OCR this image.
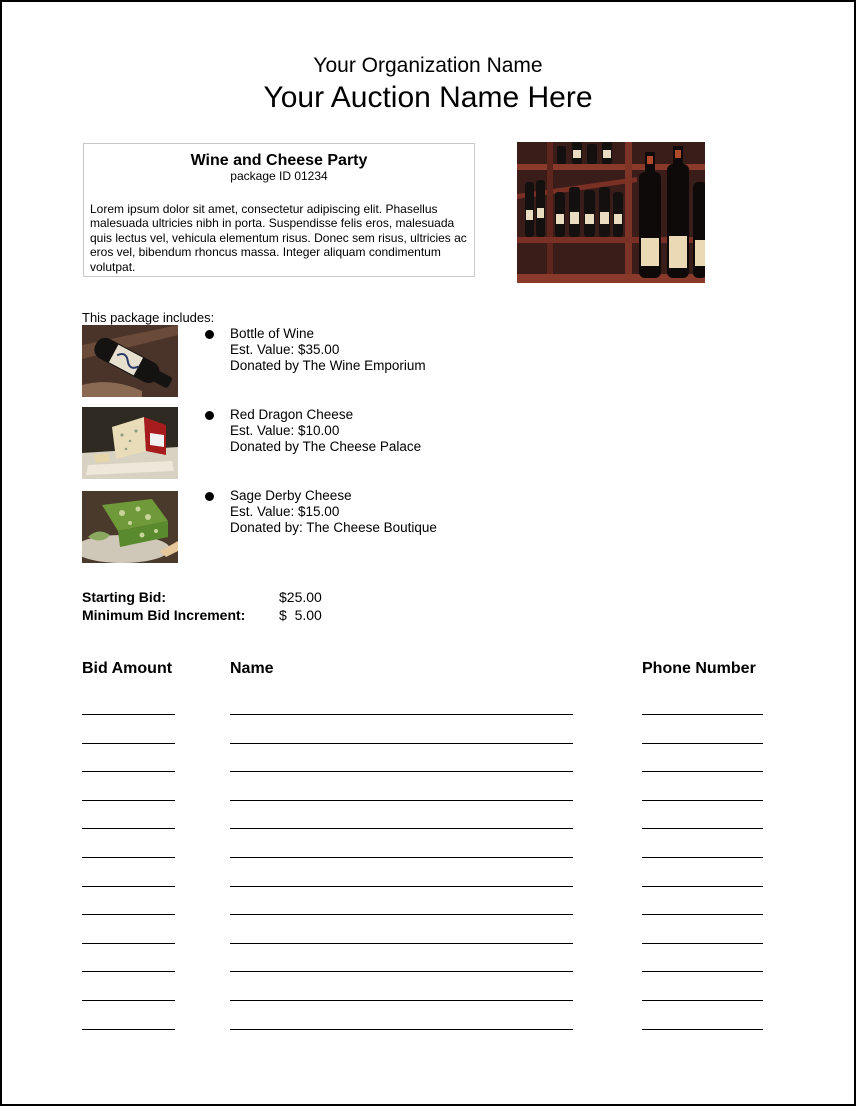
Your Organization Name
Your Auction Name Here
Wine and Cheese Party
package ID 01234
Lorem ipsum dolor sit amet, consectetur adipiscing elit. Phasellus malesuada ultricies nibh in porta. Suspendisse felis eros, malesuada quis lectus vel, vehicula elementum risus. Donec sem risus, ultricies ac eros vel, bibendum rhoncus massa. Integer aliquam condimentum volutpat.
This package includes:
Bottle of Wine
Est. Value: $35.00
Donated by The Wine Emporium
Red Dragon Cheese
Est. Value: $10.00
Donated by The Cheese Palace
Sage Derby Cheese
Est. Value: $15.00
Donated by: The Cheese Boutique
Starting Bid:	$25.00
Minimum Bid Increment: $  5.00
Bid Amount	Name	Phone Number
